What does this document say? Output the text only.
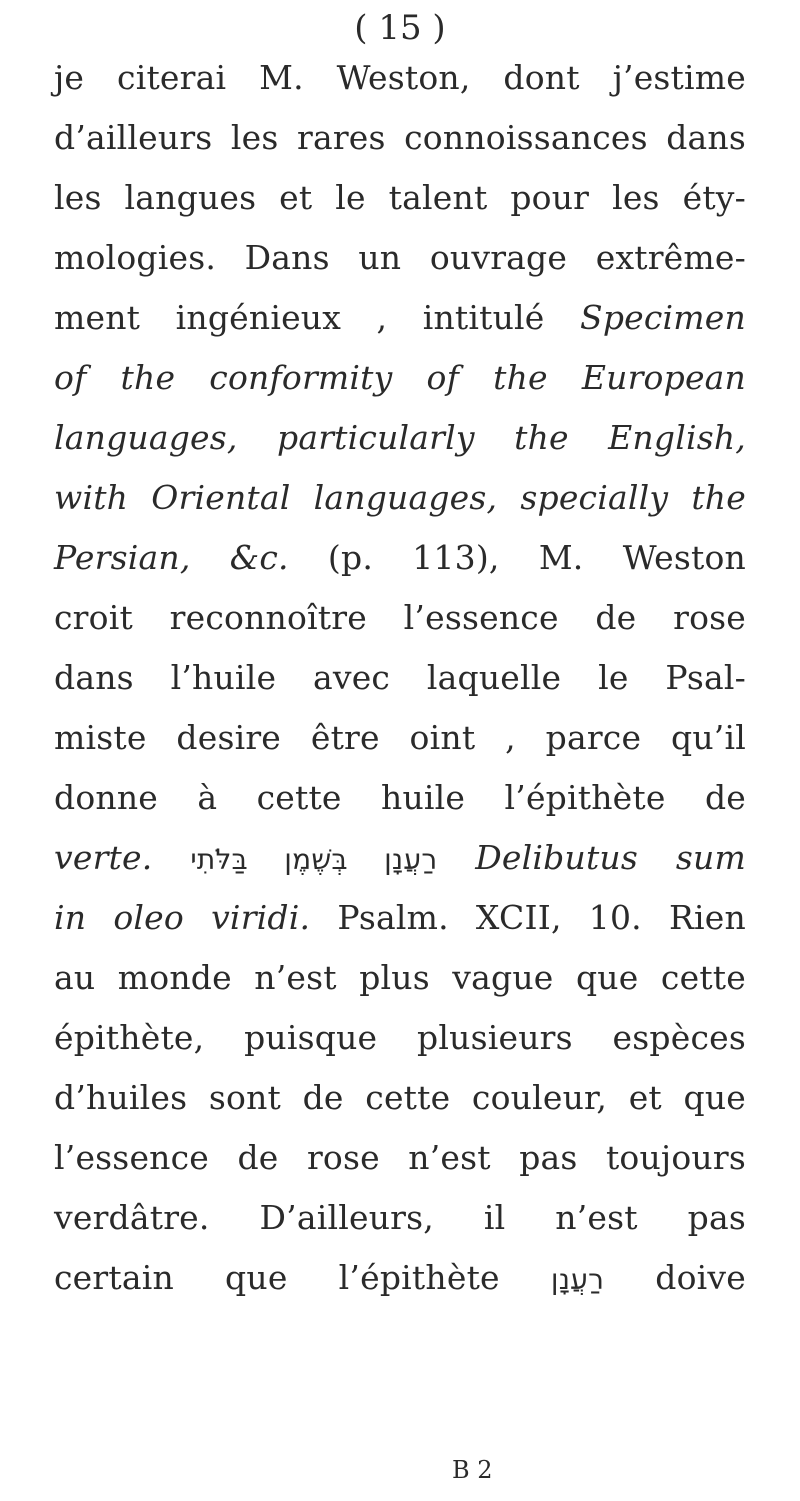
( 15 )
je citerai M. Weston, dont j’estime
d’ailleurs les rares connoissances dans
les langues et le talent pour les éty-
mologies. Dans un ouvrage extrême-
ment ingénieux , intitulé Specimen
of the conformity of the European
languages, particularly the English,
with Oriental languages, specially the
Persian, &c. (p. 113), M. Weston
croit reconnoître l’essence de rose
dans l’huile avec laquelle le Psal-
miste desire être oint , parce qu’il
donne à cette huile l’épithète de
verte. רַעֲנָן בְּשֶׁמֶן בַּלֹּתִי Delibutus sum
in oleo viridi. Psalm. XCII, 10. Rien
au monde n’est plus vague que cette
épithète, puisque plusieurs espèces
d’huiles sont de cette couleur, et que
l’essence de rose n’est pas toujours
verdâtre. D’ailleurs, il n’est pas
certain que l’épithète רַעֲנָן doive
B 2
